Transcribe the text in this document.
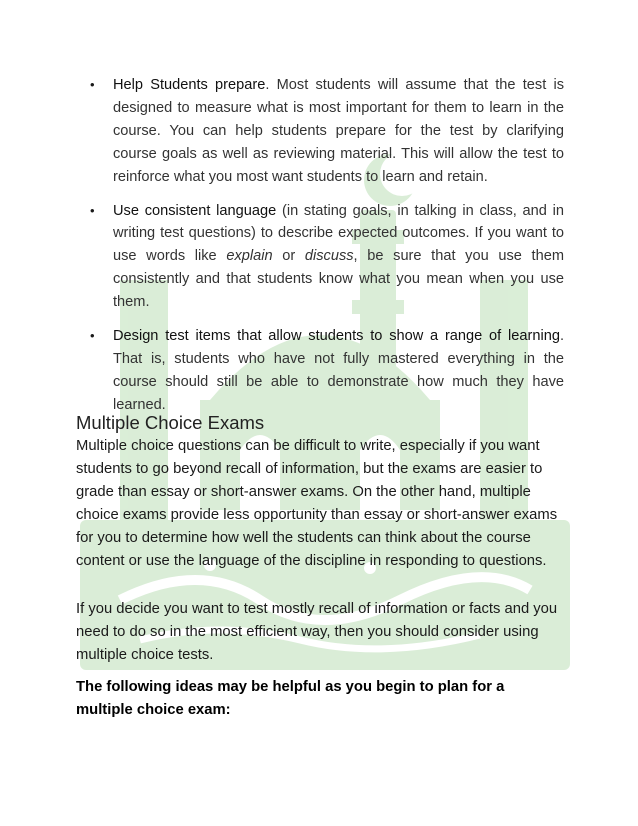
• Help Students prepare. Most students will assume that the test is designed to measure what is most important for them to learn in the course. You can help students prepare for the test by clarifying course goals as well as reviewing material. This will allow the test to reinforce what you most want students to learn and retain.
• Use consistent language (in stating goals, in talking in class, and in writing test questions) to describe expected outcomes. If you want to use words like explain or discuss, be sure that you use them consistently and that students know what you mean when you use them.
• Design test items that allow students to show a range of learning. That is, students who have not fully mastered everything in the course should still be able to demonstrate how much they have learned.
Multiple Choice Exams
Multiple choice questions can be difficult to write, especially if you want students to go beyond recall of information, but the exams are easier to grade than essay or short-answer exams. On the other hand, multiple choice exams provide less opportunity than essay or short-answer exams for you to determine how well the students can think about the course content or use the language of the discipline in responding to questions.
If you decide you want to test mostly recall of information or facts and you need to do so in the most efficient way, then you should consider using multiple choice tests.
The following ideas may be helpful as you begin to plan for a multiple choice exam:
